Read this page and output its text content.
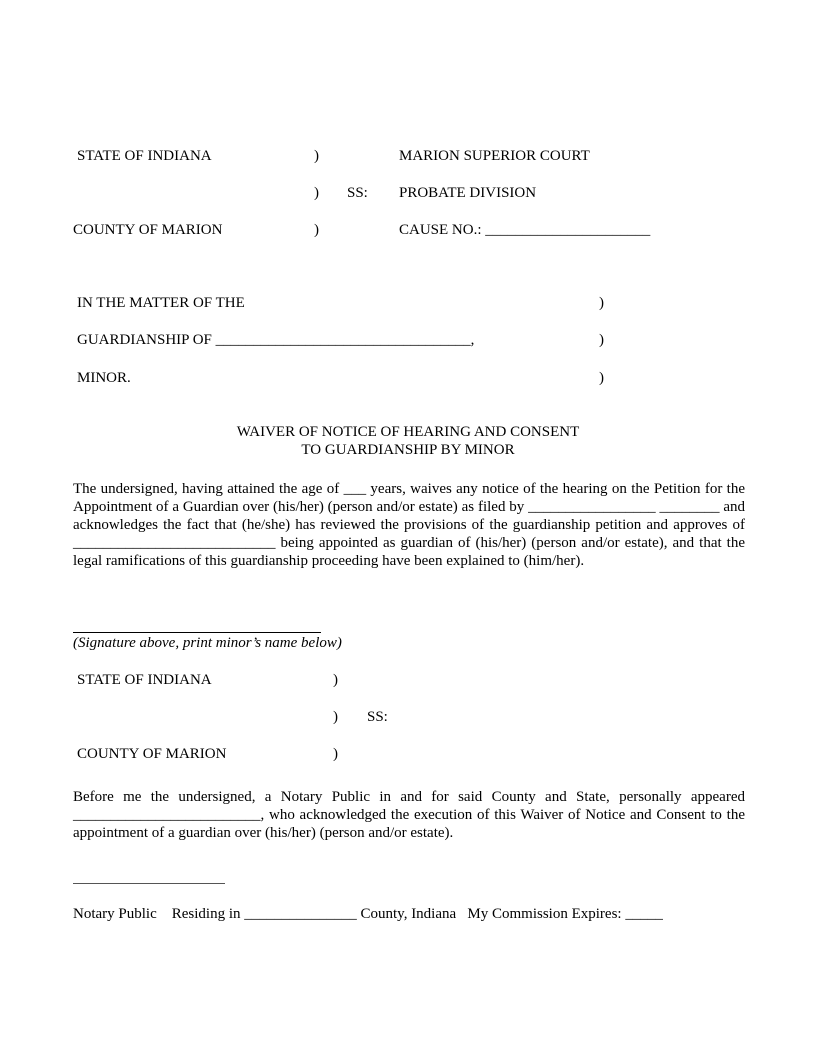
STATE OF INDIANA	)	MARION SUPERIOR COURT
) SS: PROBATE DIVISION
COUNTY OF MARION	)	CAUSE NO.: ______________________
IN THE MATTER OF THE	)
GUARDIANSHIP OF __________________________________,	)
MINOR.	)
WAIVER OF NOTICE OF HEARING AND CONSENT
TO GUARDIANSHIP BY MINOR
The undersigned, having attained the age of ___ years, waives any notice of the hearing on the Petition for the Appointment of a Guardian over (his/her) (person and/or estate) as filed by _________________ ________ and acknowledges the fact that (he/she) has reviewed the provisions of the guardianship petition and approves of ___________________________ being appointed as guardian of (his/her) (person and/or estate), and that the legal ramifications of this guardianship proceeding have been explained to (him/her).
(Signature above, print minor’s name below)
STATE OF INDIANA	)
) SS:
COUNTY OF MARION	)
Before me the undersigned, a Notary Public in and for said County and State, personally appeared _________________________, who acknowledged the execution of this Waiver of Notice and Consent to the appointment of a guardian over (his/her) (person and/or estate).
Notary Public    Residing in _______________ County, Indiana   My Commission Expires: _____
